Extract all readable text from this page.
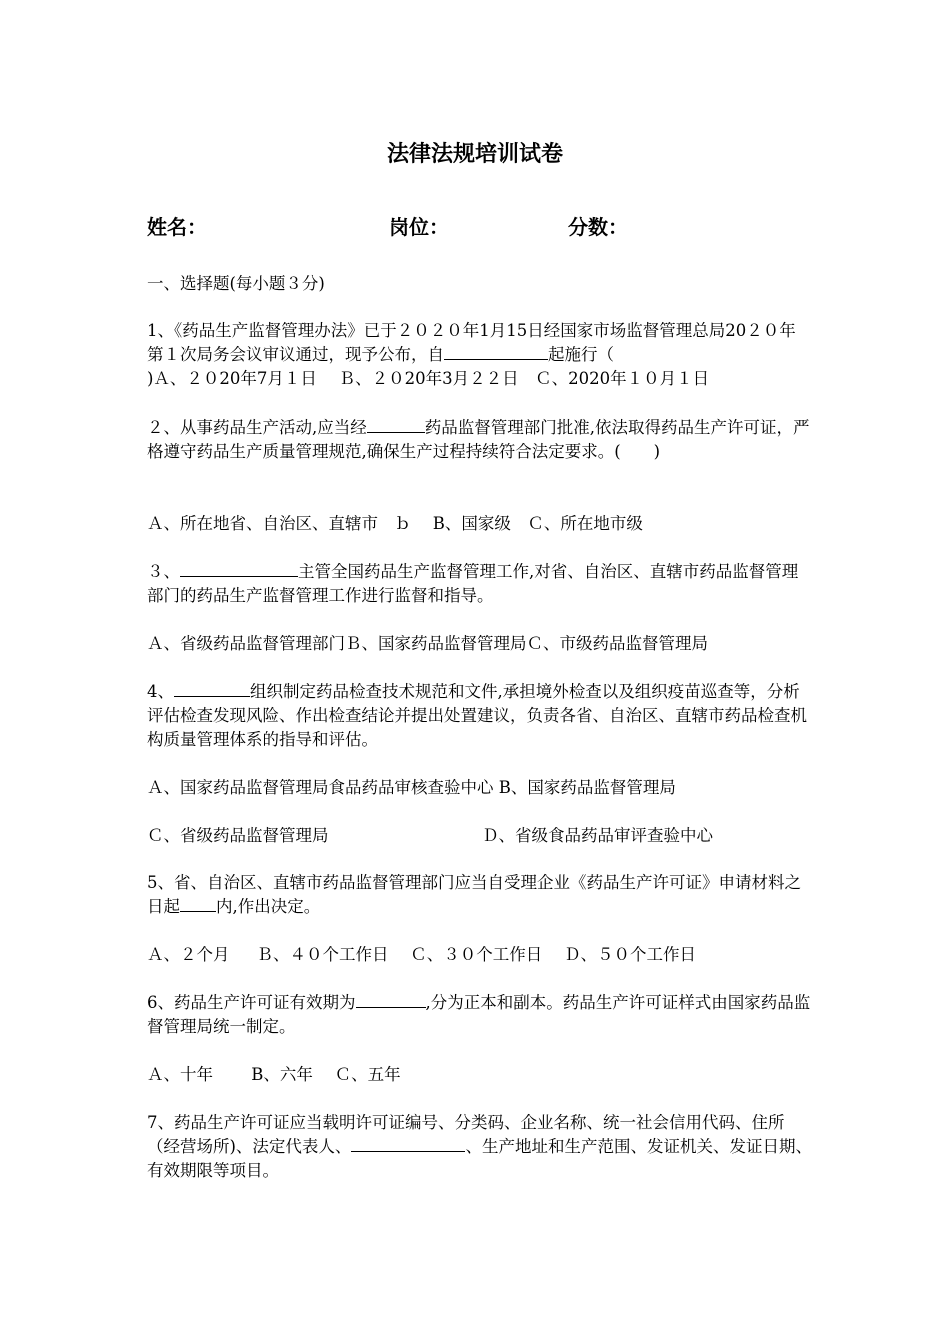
法律法规培训试卷
姓名：	岗位：	分数：
一、选择题(每小题３分)

1、《药品生产监督管理办法》已于２０２０年1月15日经国家市场监督管理总局20２０年第１次局务会议审议通过，现予公布，自	起施行（
)Ａ、２０20年7月１日　 Ｂ、２０20年3月２２日　Ｃ、2020年１０月１日

２、从事药品生产活动,应当经	药品监督管理部门批准,依法取得药品生产许可证，严格遵守药品生产质量管理规范,确保生产过程持续符合法定要求。(　　)

Ａ、所在地省、自治区、直辖市　ｂ　 B、国家级　Ｃ、所在地市级

３、	主管全国药品生产监督管理工作,对省、自治区、直辖市药品监督管理部门的药品生产监督管理工作进行监督和指导。

Ａ、省级药品监督管理部门Ｂ、国家药品监督管理局Ｃ、市级药品监督管理局

4、	组织制定药品检查技术规范和文件,承担境外检查以及组织疫苗巡查等，分析评估检查发现风险、作出检查结论并提出处置建议，负责各省、自治区、直辖市药品检查机构质量管理体系的指导和评估。

Ａ、国家药品监督管理局食品药品审核查验中心 B、国家药品监督管理局
Ｃ、省级药品监督管理局	Ｄ、省级食品药品审评查验中心

5、省、自治区、直辖市药品监督管理部门应当自受理企业《药品生产许可证》申请材料之日起 内,作出决定。

Ａ、２个月　  Ｂ、４０个工作日　 Ｃ、３０个工作日　 Ｄ、５０个工作日

6、药品生产许可证有效期为	,分为正本和副本。药品生产许可证样式由国家药品监督管理局统一制定。

Ａ、十年　　 B、六年　 Ｃ、五年

7、药品生产许可证应当载明许可证编号、分类码、企业名称、统一社会信用代码、住所（经营场所)、法定代表人、	、生产地址和生产范围、发证机关、发证日期、有效期限等项目。
